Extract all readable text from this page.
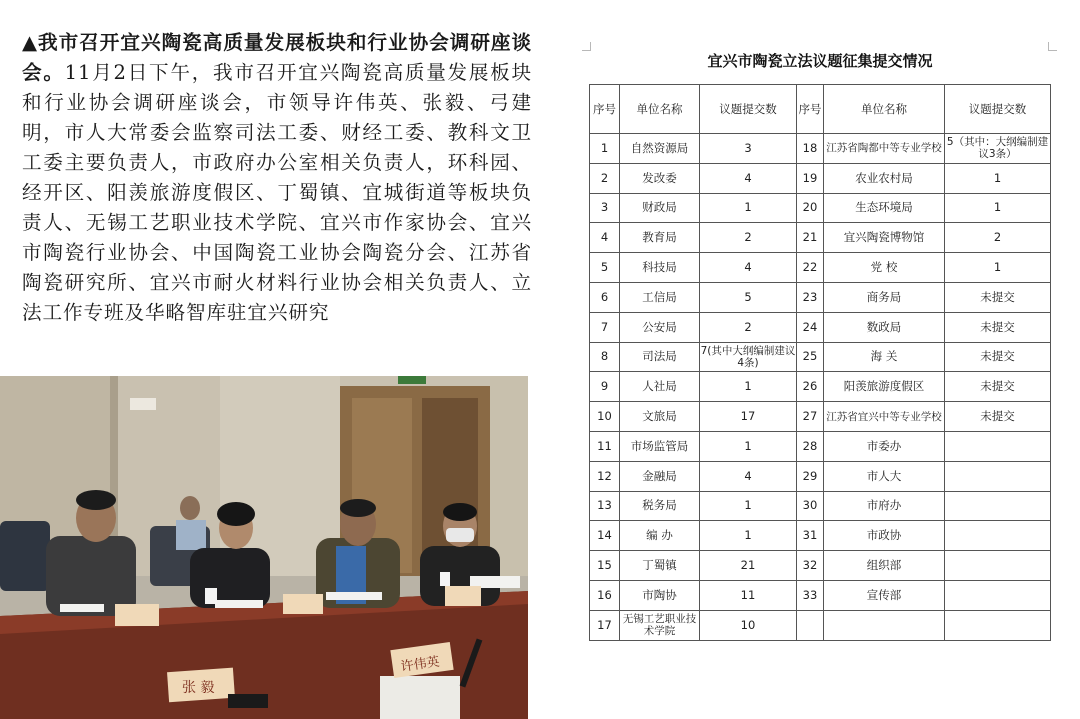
▲我市召开宜兴陶瓷高质量发展板块和行业协会调研座谈会。11月2日下午，我市召开宜兴陶瓷高质量发展板块和行业协会调研座谈会，市领导许伟英、张毅、弓建明，市人大常委会监察司法工委、财经工委、教科文卫工委主要负责人，市政府办公室相关负责人，环科园、经开区、阳羡旅游度假区、丁蜀镇、宜城街道等板块负责人、无锡工艺职业技术学院、宜兴市作家协会、宜兴市陶瓷行业协会、中国陶瓷工业协会陶瓷分会、江苏省陶瓷研究所、宜兴市耐火材料行业协会相关负责人、立法工作专班及华略智库驻宜兴研究

张 毅
许伟英
宜兴市陶瓷立法议题征集提交情况
序号	单位名称	议题提交数	序号	单位名称	议题提交数
1	自然资源局	3	18	江苏省陶都中等专业学校	5（其中：大纲编制建议3条）
2	发改委	4	19	农业农村局	1
3	财政局	1	20	生态环境局	1
4	教育局	2	21	宜兴陶瓷博物馆	2
5	科技局	4	22	党 校	1
6	工信局	5	23	商务局	未提交
7	公安局	2	24	数政局	未提交
8	司法局	7(其中大纲编制建议4条)	25	海 关	未提交
9	人社局	1	26	阳羡旅游度假区	未提交
10	文旅局	17	27	江苏省宜兴中等专业学校	未提交
11	市场监管局	1	28	市委办	
12	金融局	4	29	市人大	
13	税务局	1	30	市府办	
14	编 办	1	31	市政协	
15	丁蜀镇	21	32	组织部	
16	市陶协	11	33	宣传部	
17	无锡工艺职业技术学院	10			
